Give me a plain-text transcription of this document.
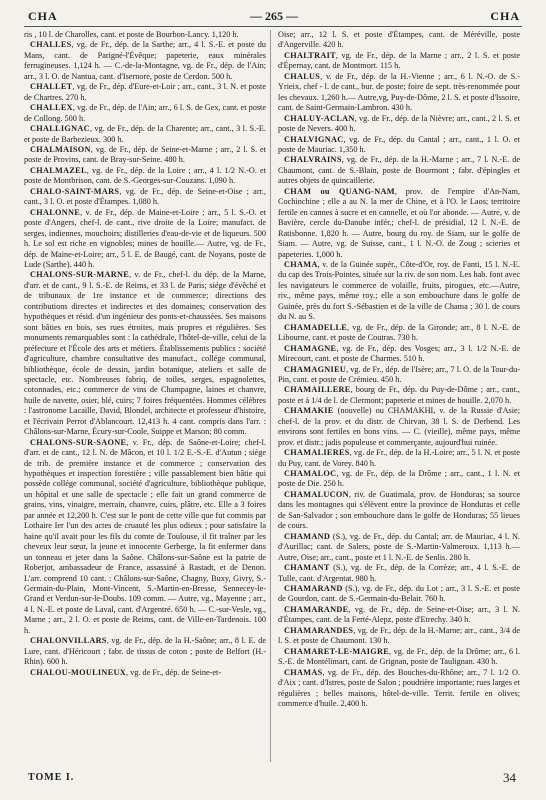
CHA	— 265 —	CHA

ris , 10 l. de Charolles, cant. et poste de Bourbon-Lancy. 1,120 h.

CHALLES, vg. de Fr., dép. de la Sarthe; arr., 4 l. S.-E. et poste du Mans, cant. de Parigné-l'Évêque; papeterie, eaux minérales ferrugineuses. 1,124 h. — C.-de-la-Montagne, vg. de Fr., dép. de l'Ain; arr., 3 l. O. de Nantua, cant. d'Isernore, poste de Cerdon. 500 h.

CHALLET, vg. de Fr., dép. d'Eure-et-Loir ; arr., cant., 3 l. N. et poste de Chartres. 270 h.

CHALLEX, vg. de Fr., dép. de l'Ain; arr., 6 l. S. de Gex, cant. et poste de Collong. 500 h.

CHALLIGNAC, vg. de Fr., dép. de la Charente; arr., cant., 3 l. S.-E. et poste de Barbezieux. 300 h.

CHALMAISON, vg. de Fr., dép. de Seine-et-Marne ; arr., 2 l. S. et poste de Provins, cant. de Bray-sur-Seine. 480 h.

CHALMAZEL, vg. de Fr., dép. de la Loire ; arr., 4 l. 1/2 N.-O. et poste de Montbrison, cant. de S.-Georges-sur-Couzans. 1,090 h.

CHALO-SAINT-MARS, vg. de Fr., dép. de Seine-et-Oise ; arr., cant., 3 l. O. et poste d'Étampes. 1,080 h.

CHALONNE, v. de Fr., dép. de Maine-et-Loire ; arr., 5 l. S.-O. et poste d'Angers, chef-l. de cant., rive droite de la Loire; manufact. de serges, indiennes, mouchoirs; distilleries d'eau-de-vie et de liqueurs. 500 h. Le sol est riche en vignobles; mines de houille.— Autre, vg. de Fr., dép. de Maine-et-Loire; arr., 5 l. E. de Baugé, cant. de Noyans, poste de Lude (Sarthe). 440 h.

CHALONS-SUR-MARNE, v. de Fr., chef-l. du dép. de la Marne, d'arr. et de cant., 9 l. S.-E. de Reims, et 33 l. de Paris; siége d'évêché et de tribunaux de 1re instance et de commerce; directions des contributions directes et indirectes et des domaines; conservation des hypothèques et résid. d'un ingénieur des ponts-et-chaussées. Ses maisons sont bâties en bois, ses rues étroites, mais propres et régulières. Ses monuments remarquables sont : la cathédrale, l'hôtel-de-ville, celui de la préfecture et l'École des arts et métiers. Établissements publics : société d'agriculture, chambre consultative des manufact., collége communal, bibliothèque, école de dessin, jardin botanique, ateliers et salle de spectacle, etc. Nombreuses fabriq. de toiles, serges, espagnolettes, cotonnades, etc.; commerce de vins de Champagne, laines et chanvre, huile de navette, osier, blé, cuirs; 7 foires fréquentées. Hommes célèbres : l'astronome Lacaille, David, Blondel, architecte et professeur d'histoire, et l'écrivain Perrot d'Ablancourt. 12,413 h. 4 cant. compris dans l'arr. : Châlons-sur-Marne, Écury-sur-Coole, Suippe et Marson; 80 comm.

CHALONS-SUR-SAONE, v. Fr., dép. de Saône-et-Loire; chef-l. d'arr. et de cant., 12 l. N. de Mâcon, et 10 l. 1/2 E.-S.-E. d'Autun ; siége de trib. de première instance et de commerce ; conservation des hypothèques et inspection forestière ; ville passablement bien bâtie qui possède collége communal, société d'agriculture, bibliothèque publique, un hôpital et une salle de spectacle ; elle fait un grand commerce de grains, vins, vinaigre, merrain, chanvre, cuirs, plâtre, etc. Elle a 3 foires par année et 12,200 h. C'est sur le pont de cette ville que fut commis par Lothaire Ier l'un des actes de cruauté les plus odieux ; pour satisfaire la haine qu'il avait pour les fils du comte de Toulouse, il fit traîner par les cheveux leur sœur, la jeune et innocente Gerberge, la fit enfermer dans un tonneau et jeter dans la Saône. Châlons-sur-Saône est la patrie de Roberjot, ambassadeur de France, assassiné à Rastadt, et de Denon. L'arr. comprend 10 cant. : Châlons-sur-Saône, Chagny, Buxy, Givry, S.-Germain-du-Plain, Mont-Vincent, S.-Martin-en-Bresse, Sennecey-le-Grand et Verdun-sur-le-Doubs. 109 comm. — Autre, vg., Mayenne ; arr., 4 l. N.-E. et poste de Laval, cant. d'Argentré. 650 h. — C.-sur-Vesle, vg., Marne ; arr., 2 l. O. et poste de Reims, cant. de Ville-en-Tardenois. 100 h.

CHALONVILLARS, vg. de Fr., dép. de la H.-Saône; arr., 8 l. E. de Lure, cant. d'Héricourt ; fabr. de tissus de coton ; poste de Belfort (H.-Rhin). 600 h.

CHALOU-MOULINEUX, vg. de Fr., dép. de Seine-et-

Oise; arr., 12 l. S. et poste d'Étampes, cant. de Méréville, poste d'Angerville. 420 h.

CHALTRAIT, vg. de Fr., dép. de la Marne ; arr., 2 l. S. et poste d'Épernay, cant. de Montmort. 115 h.

CHALUS, v. de Fr., dép. de la H.-Vienne ; arr., 6 l. N.-O. de S.-Yrieix, chef - l. de cant., bur. de poste; foire de sept. très-renommée pour les chevaux. 1,260 h.— Autre,vg, Puy-de-Dôme, 2 l. S. et poste d'Issoire, cant. de Saint-Germain-Lambron. 430 h.

CHALUY-ACLAN, vg. de Fr., dép. de la Nièvre; arr., cant., 2 l. S. et poste de Nevers. 400 h.

CHALVIGNAC, vg. de Fr., dép. du Cantal ; arr., cant., 1 l. O. et poste de Mauriac. 1,350 h.

CHALVRAINS, vg. de Fr., dép. de la H.-Marne ; arr., 7 l. N.-E. de Chaumont, cant. de S.-Blain, poste de Bourmont ; fabr. d'épingles et autres objets de quincaillerie.

CHAM ou QUANG-NAM, prov. de l'empire d'An-Nam, Cochinchine ; elle a au N. la mer de Chine, et à l'O. le Laos; territoire fertile en cannes à sucre et en cannelle, et où l'or abonde. — Autre, v. de Bavière, cercle du-Danube infér.; chef-l. de présidial, 12 l. N.-E. de Ratisbonne. 1,820 h. — Autre, bourg du roy. de Siam, sur le golfe de Siam. — Autre, vg. de Suisse, cant., 1 l. N.-O. de Zoug ; scieries et papeteries. 1,000 h.

CHAMA, v. de la Guinée supér., Côte-d'Or, roy. de Fanti, 15 l. N.-E. du cap des Trois-Pointes, située sur la riv. de son nom. Les hab. font avec les navigateurs le commerce de volaille, fruits, pirogues, etc.—Autre, riv., même pays, même roy.; elle a son embouchure dans le golfe de Guinée, près du fort S.-Sébastien et de la ville de Chama ; 30 l. de cours du N. au S.

CHAMADELLE, vg. de Fr., dép. de la Gironde; arr., 8 l. N.-E. de Libourne, cant. et poste de Coutras. 730 h.

CHAMAGNE, vg. de Fr., dép. des Vosges; arr., 3 l. 1/2 N.-E. de Mirecourt, cant. et poste de Charmes. 510 h.

CHAMAGNIEU, vg. de Fr., dép. de l'Isère; arr., 7 l. O. de la Tour-du-Pin, cant. et poste de Crémieu. 450 h.

CHAMAILLERE, bourg de Fr., dép. du Puy-de-Dôme ; arr., cant., poste et à 1/4 de l. de Clermont; papeterie et mines de houille. 2,070 h.

CHAMAKIE (nouvelle) ou CHAMAKHI, v. de la Russie d'Asie; chef-l. de la prov. et du distr. de Chirvan, 38 l. S. de Derbend. Les environs sont fertiles en bons vins. — C. (vieille), même pays, même prov. et distr.; jadis populeuse et commerçante, aujourd'hui ruinée.

CHAMALIERES, vg. de Fr., dép. de la H.-Loire; arr., 5 l. N. et poste du Puy, cant. de Vorey. 840 h.

CHAMALOC, vg. de Fr., dép. de la Drôme ; arr., cant., 1 l. N. et poste de Die. 250 h.

CHAMALUCON, riv. de Guatimala, prov. de Honduras; sa source dans les montagnes qui s'élèvent entre la province de Honduras et celle de San-Salvador ; son embouchure dans le golfe de Honduras; 55 lieues de cours.

CHAMAND (S.), vg. de Fr., dép. du Cantal; arr. de Mauriac, 4 l. N. d'Aurillac; cant. de Salers, poste de S.-Martin-Valmeroux. 1,113 h.— Autre, Oise; arr., cant., poste et 1 l. N.-E. de Senlis. 280 h.

CHAMANT (S.), vg. de Fr., dép. de la Corrèze; arr., 4 l. S.-E. de Tulle, cant. d'Argentat. 980 h.

CHAMARAND (S.), vg. de Fr., dép. du Lot ; arr., 3 l. S.-E. et poste de Gourdon, cant. de S.-Germain-du-Belair. 760 h.

CHAMARANDE, vg. de Fr., dép. de Seine-et-Oise; arr., 3 l. N. d'Étampes, cant. de la Ferté-Alepz, poste d'Etrechy. 340 h.

CHAMARANDES, vg. de Fr., dép. de la H.-Marne; arr., cant., 3/4 de l. S. et poste de Chaumont. 130 h.

CHAMARET-LE-MAIGRE, vg. de Fr., dép. de la Drôme; arr., 6 l. S.-E. de Montélimart, cant. de Grignan, poste de Taulignan. 430 h.

CHAMAS, vg. de Fr., dép. des Bouches-du-Rhône; arr., 7 l. 1/2 O. d'Aix ; cant. d'Istres, poste de Salon ; poudrière importante; rues larges et régulières ; belles maisons, hôtel-de-ville. Territ. fertile en olives; commerce d'huile. 2,400 h.

TOME I.	34
